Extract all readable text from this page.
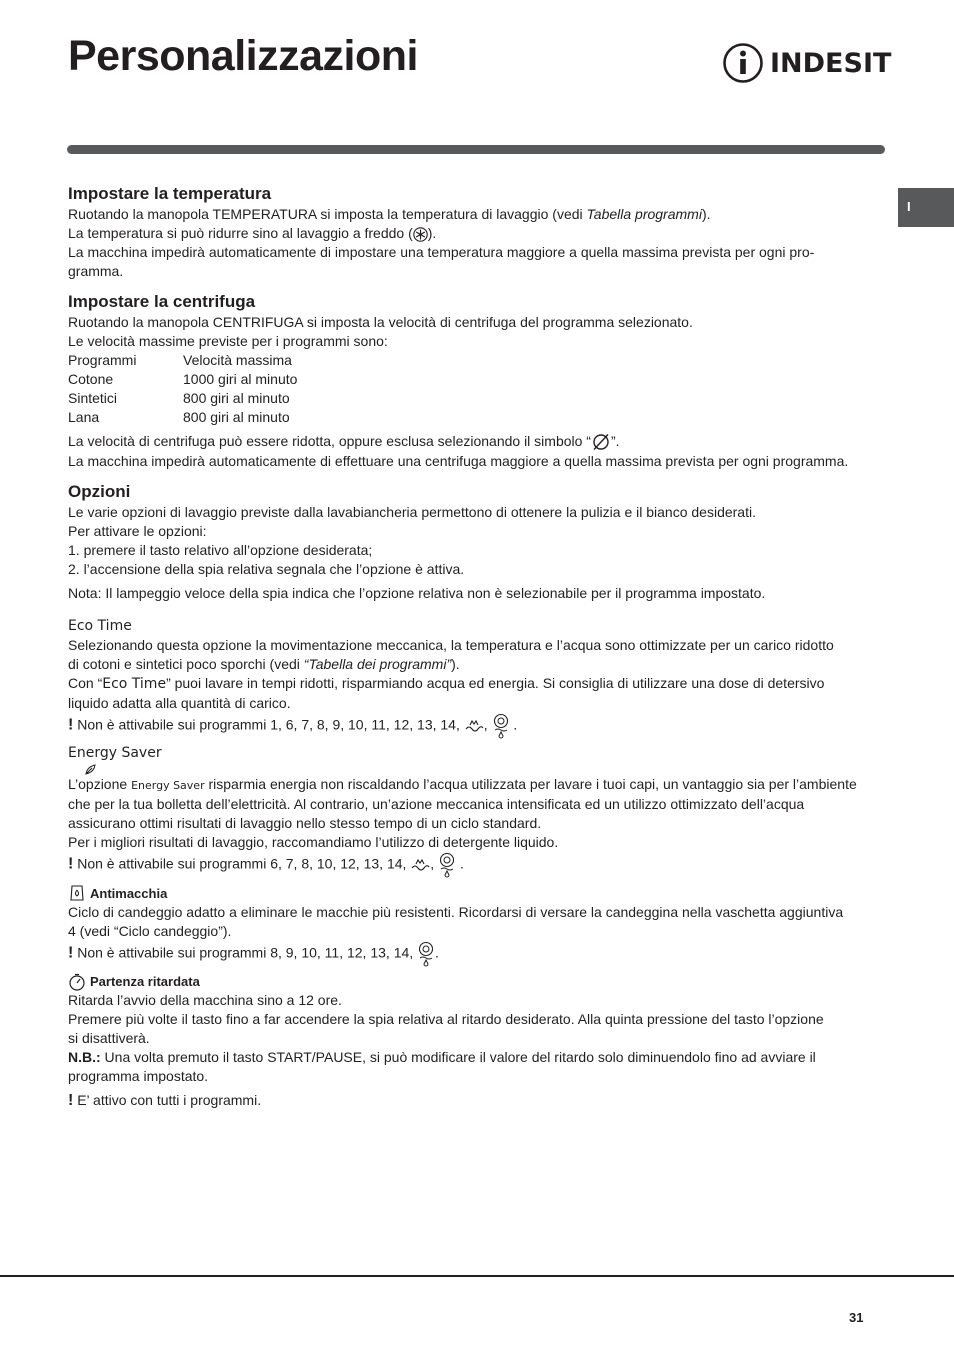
Personalizzazioni	INDESIT
I
Impostare la temperatura

Ruotando la manopola TEMPERATURA si imposta la temperatura di lavaggio (vedi Tabella programmi).

La temperatura si può ridurre sino al lavaggio a freddo ( ).

La macchina impedirà automaticamente di impostare una temperatura maggiore a quella massima prevista per ogni pro-

gramma.

Impostare la centrifuga

Ruotando la manopola CENTRIFUGA si imposta la velocità di centrifuga del programma selezionato.

Le velocità massime previste per i programmi sono:

Programmi	Velocità massima
Cotone	1000 giri al minuto
Sintetici	800 giri al minuto
Lana	800 giri al minuto

La velocità di centrifuga può essere ridotta, oppure esclusa selezionando il simbolo “ ”.

La macchina impedirà automaticamente di effettuare una centrifuga maggiore a quella massima prevista per ogni programma.

Opzioni

Le varie opzioni di lavaggio previste dalla lavabiancheria permettono di ottenere la pulizia e il bianco desiderati.

Per attivare le opzioni:

1. premere il tasto relativo all’opzione desiderata;

2. l’accensione della spia relativa segnala che l’opzione è attiva.

Nota: Il lampeggio veloce della spia indica che l’opzione relativa non è selezionabile per il programma impostato.

Eco Time

Selezionando questa opzione la movimentazione meccanica, la temperatura e l’acqua sono ottimizzate per un carico ridotto

di cotoni e sintetici poco sporchi (vedi “Tabella dei programmi”).

Con “Eco Time” puoi lavare in tempi ridotti, risparmiando acqua ed energia. Si consiglia di utilizzare una dose di detersivo

liquido adatta alla quantità di carico.

! Non è attivabile sui programmi 1, 6, 7, 8, 9, 10, 11, 12, 13, 14, ,  .

Energy Saver

L’opzione Energy Saver risparmia energia non riscaldando l’acqua utilizzata per lavare i tuoi capi, un vantaggio sia per l’ambiente

che per la tua bolletta dell’elettricità. Al contrario, un’azione meccanica intensificata ed un utilizzo ottimizzato dell’acqua

assicurano ottimi risultati di lavaggio nello stesso tempo di un ciclo standard.

Per i migliori risultati di lavaggio, raccomandiamo l’utilizzo di detergente liquido.

! Non è attivabile sui programmi 6, 7, 8, 10, 12, 13, 14, ,  .

Antimacchia

Ciclo di candeggio adatto a eliminare le macchie più resistenti. Ricordarsi di versare la candeggina nella vaschetta aggiuntiva

4 (vedi “Ciclo candeggio”).

! Non è attivabile sui programmi 8, 9, 10, 11, 12, 13, 14, .

Partenza ritardata

Ritarda l’avvio della macchina sino a 12 ore.

Premere più volte il tasto fino a far accendere la spia relativa al ritardo desiderato. Alla quinta pressione del tasto l’opzione

si disattiverà.

N.B.: Una volta premuto il tasto START/PAUSE, si può modificare il valore del ritardo solo diminuendolo fino ad avviare il

programma impostato.

! E’ attivo con tutti i programmi.

31
